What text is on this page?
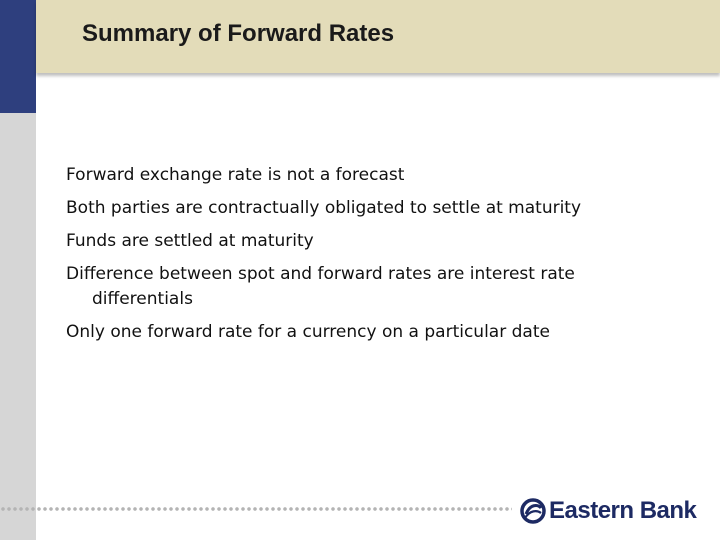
Summary of Forward Rates
Forward exchange rate is not a forecast
Both parties are contractually obligated to settle at maturity
Funds are settled at maturity
Difference between spot and forward rates are interest rate differentials
Only one forward rate for a currency on a particular date
Eastern Bank
